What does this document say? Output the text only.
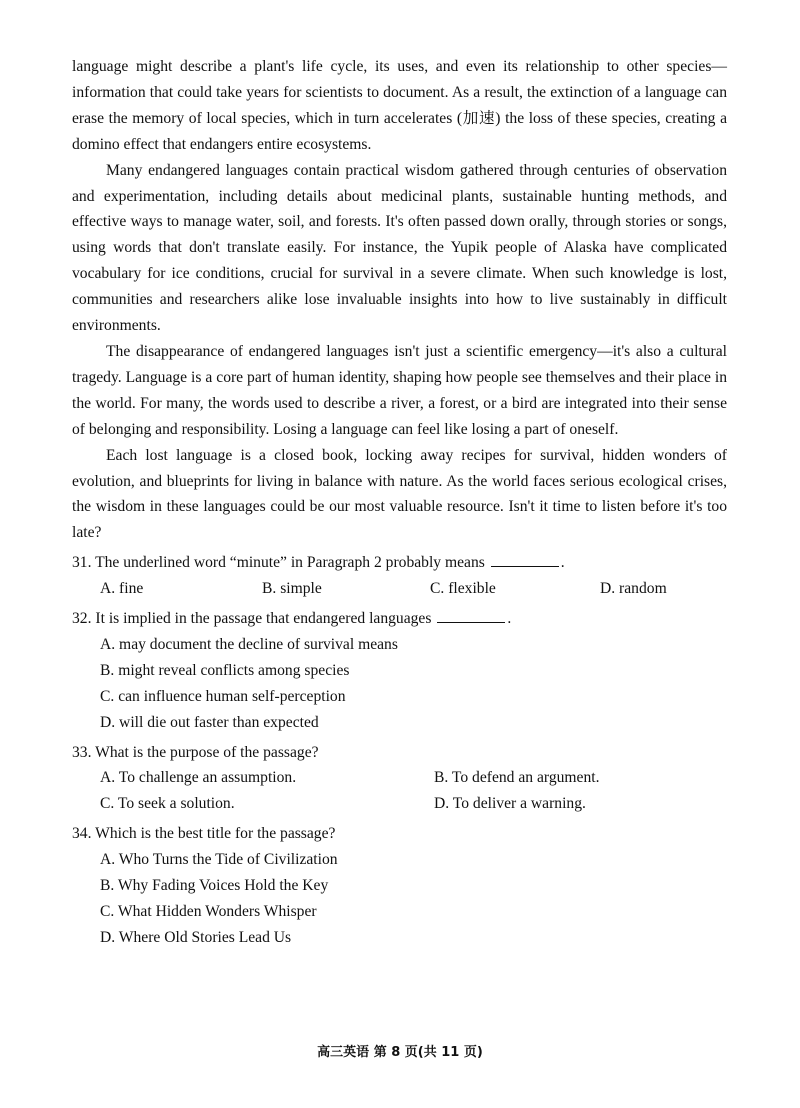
language might describe a plant's life cycle, its uses, and even its relationship to other species—information that could take years for scientists to document. As a result, the extinction of a language can erase the memory of local species, which in turn accelerates (加速) the loss of these species, creating a domino effect that endangers entire ecosystems.

Many endangered languages contain practical wisdom gathered through centuries of observation and experimentation, including details about medicinal plants, sustainable hunting methods, and effective ways to manage water, soil, and forests. It's often passed down orally, through stories or songs, using words that don't translate easily. For instance, the Yupik people of Alaska have complicated vocabulary for ice conditions, crucial for survival in a severe climate. When such knowledge is lost, communities and researchers alike lose invaluable insights into how to live sustainably in difficult environments.

The disappearance of endangered languages isn't just a scientific emergency—it's also a cultural tragedy. Language is a core part of human identity, shaping how people see themselves and their place in the world. For many, the words used to describe a river, a forest, or a bird are integrated into their sense of belonging and responsibility. Losing a language can feel like losing a part of oneself.

Each lost language is a closed book, locking away recipes for survival, hidden wonders of evolution, and blueprints for living in balance with nature. As the world faces serious ecological crises, the wisdom in these languages could be our most valuable resource. Isn't it time to listen before it's too late?

31. The underlined word “minute” in Paragraph 2 probably means	.
A. fine	B. simple	C. flexible	D. random
32. It is implied in the passage that endangered languages	.
A. may document the decline of survival means
B. might reveal conflicts among species
C. can influence human self-perception
D. will die out faster than expected
33. What is the purpose of the passage?
A. To challenge an assumption.	B. To defend an argument.
C. To seek a solution.	D. To deliver a warning.
34. Which is the best title for the passage?
A. Who Turns the Tide of Civilization
B. Why Fading Voices Hold the Key
C. What Hidden Wonders Whisper
D. Where Old Stories Lead Us
高三英语 第 8 页(共 11 页)
